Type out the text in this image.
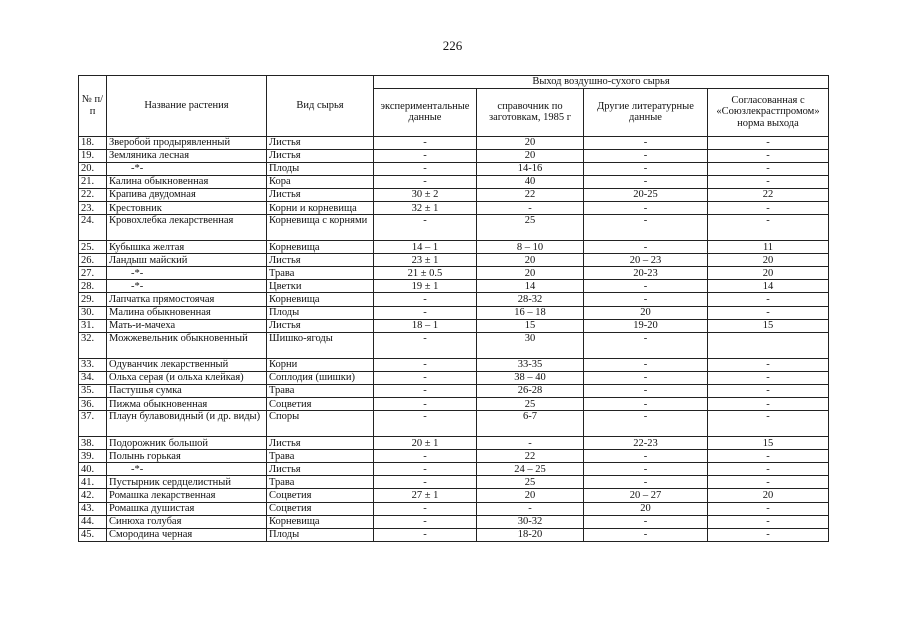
226
№ п/п	Название растения	Вид сырья	Выход воздушно-сухого сырья			
			экспериментальные данные	справочник по заготовкам, 1985 г	Другие литературные данные	Согласованная с «Союзлекрастпромом» норма выхода
18.	Зверобой продырявленный	Листья	-	20	-	-
19.	Земляника лесная	Листья	-	20	-	-
20.	-*-	Плоды	-	14-16	-	-
21.	Калина обыкновенная	Кора	-	40	-	-
22.	Крапива двудомная	Листья	30 ± 2	22	20-25	22
23.	Крестовник	Корни и корневища	32 ± 1	-	-	-
24.	Кровохлебка лекарственная	Корневища с корнями	-	25	-	-
25.	Кубышка желтая	Корневища	14 – 1	8 – 10	-	11
26.	Ландыш майский	Листья	23 ± 1	20	20 – 23	20
27.	-*-	Трава	21 ± 0.5	20	20-23	20
28.	-*-	Цветки	19 ± 1	14	-	14
29.	Лапчатка прямостоячая	Корневища	-	28-32	-	-
30.	Малина обыкновенная	Плоды	-	16 – 18	20	-
31.	Мать-и-мачеха	Листья	18 – 1	15	19-20	15
32.	Можжевельник обыкновенный	Шишко-ягоды	-	30	-	
33.	Одуванчик лекарственный	Корни	-	33-35	-	-
34.	Ольха серая (и ольха клейкая)	Соплодия (шишки)	-	38 – 40	-	-
35.	Пастушья сумка	Трава	-	26-28	-	-
36.	Пижма обыкновенная	Соцветия	-	25	-	-
37.	Плаун булавовидный (и др. виды)	Споры	-	6-7	-	-
38.	Подорожник большой	Листья	20 ± 1	-	22-23	15
39.	Полынь горькая	Трава	-	22	-	-
40.	-*-	Листья	-	24 – 25	-	-
41.	Пустырник сердцелистный	Трава	-	25	-	-
42.	Ромашка лекарственная	Соцветия	27 ± 1	20	20 – 27	20
43.	Ромашка душистая	Соцветия	-	-	20	-
44.	Синюха голубая	Корневища	-	30-32	-	-
45.	Смородина черная	Плоды	-	18-20	-	-
